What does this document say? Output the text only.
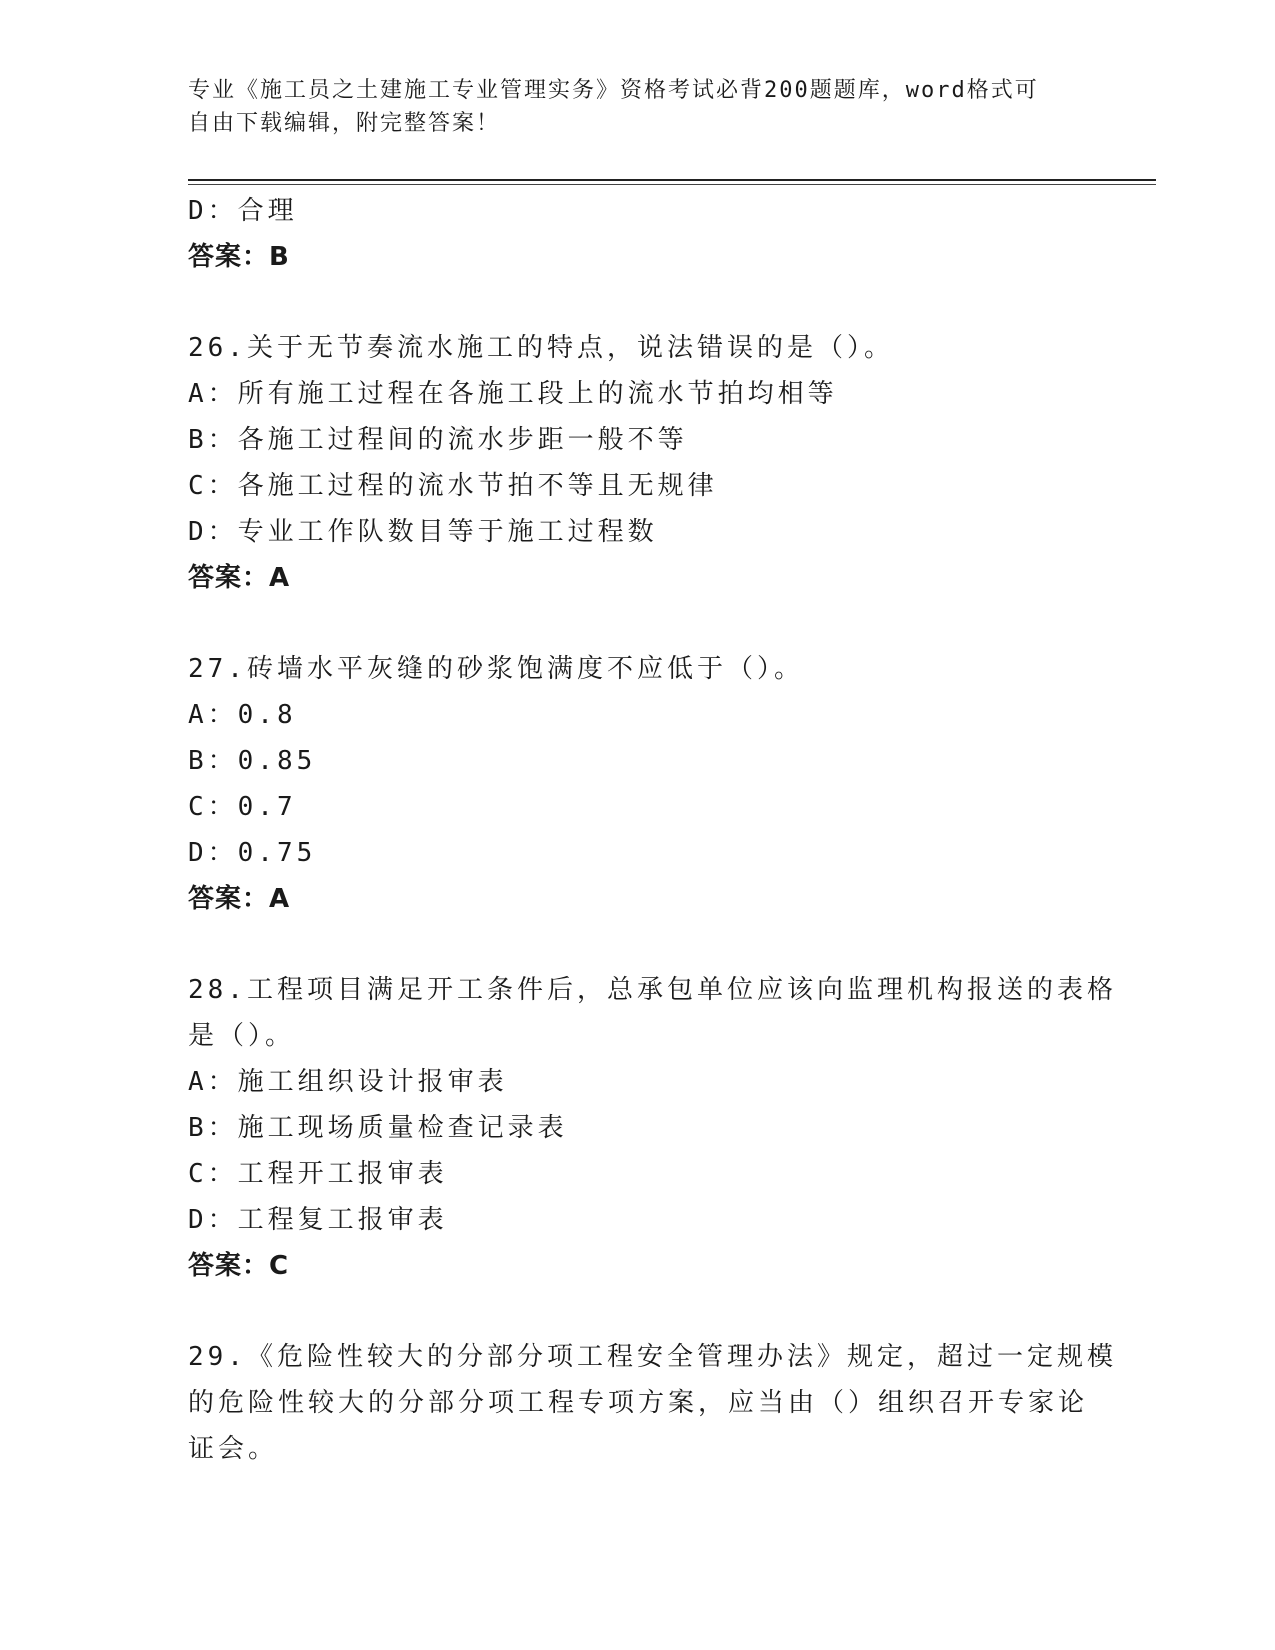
专业《施工员之土建施工专业管理实务》资格考试必背200题题库，word格式可
自由下载编辑，附完整答案！
D：合理
答案：B
26.关于无节奏流水施工的特点，说法错误的是（）。
A：所有施工过程在各施工段上的流水节拍均相等
B：各施工过程间的流水步距一般不等
C：各施工过程的流水节拍不等且无规律
D：专业工作队数目等于施工过程数
答案：A
27.砖墙水平灰缝的砂浆饱满度不应低于（）。
A：0.8
B：0.85
C：0.7
D：0.75
答案：A
28.工程项目满足开工条件后，总承包单位应该向监理机构报送的表格
是（）。
A：施工组织设计报审表
B：施工现场质量检查记录表
C：工程开工报审表
D：工程复工报审表
答案：C
29.《危险性较大的分部分项工程安全管理办法》规定，超过一定规模
的危险性较大的分部分项工程专项方案，应当由（）组织召开专家论
证会。
